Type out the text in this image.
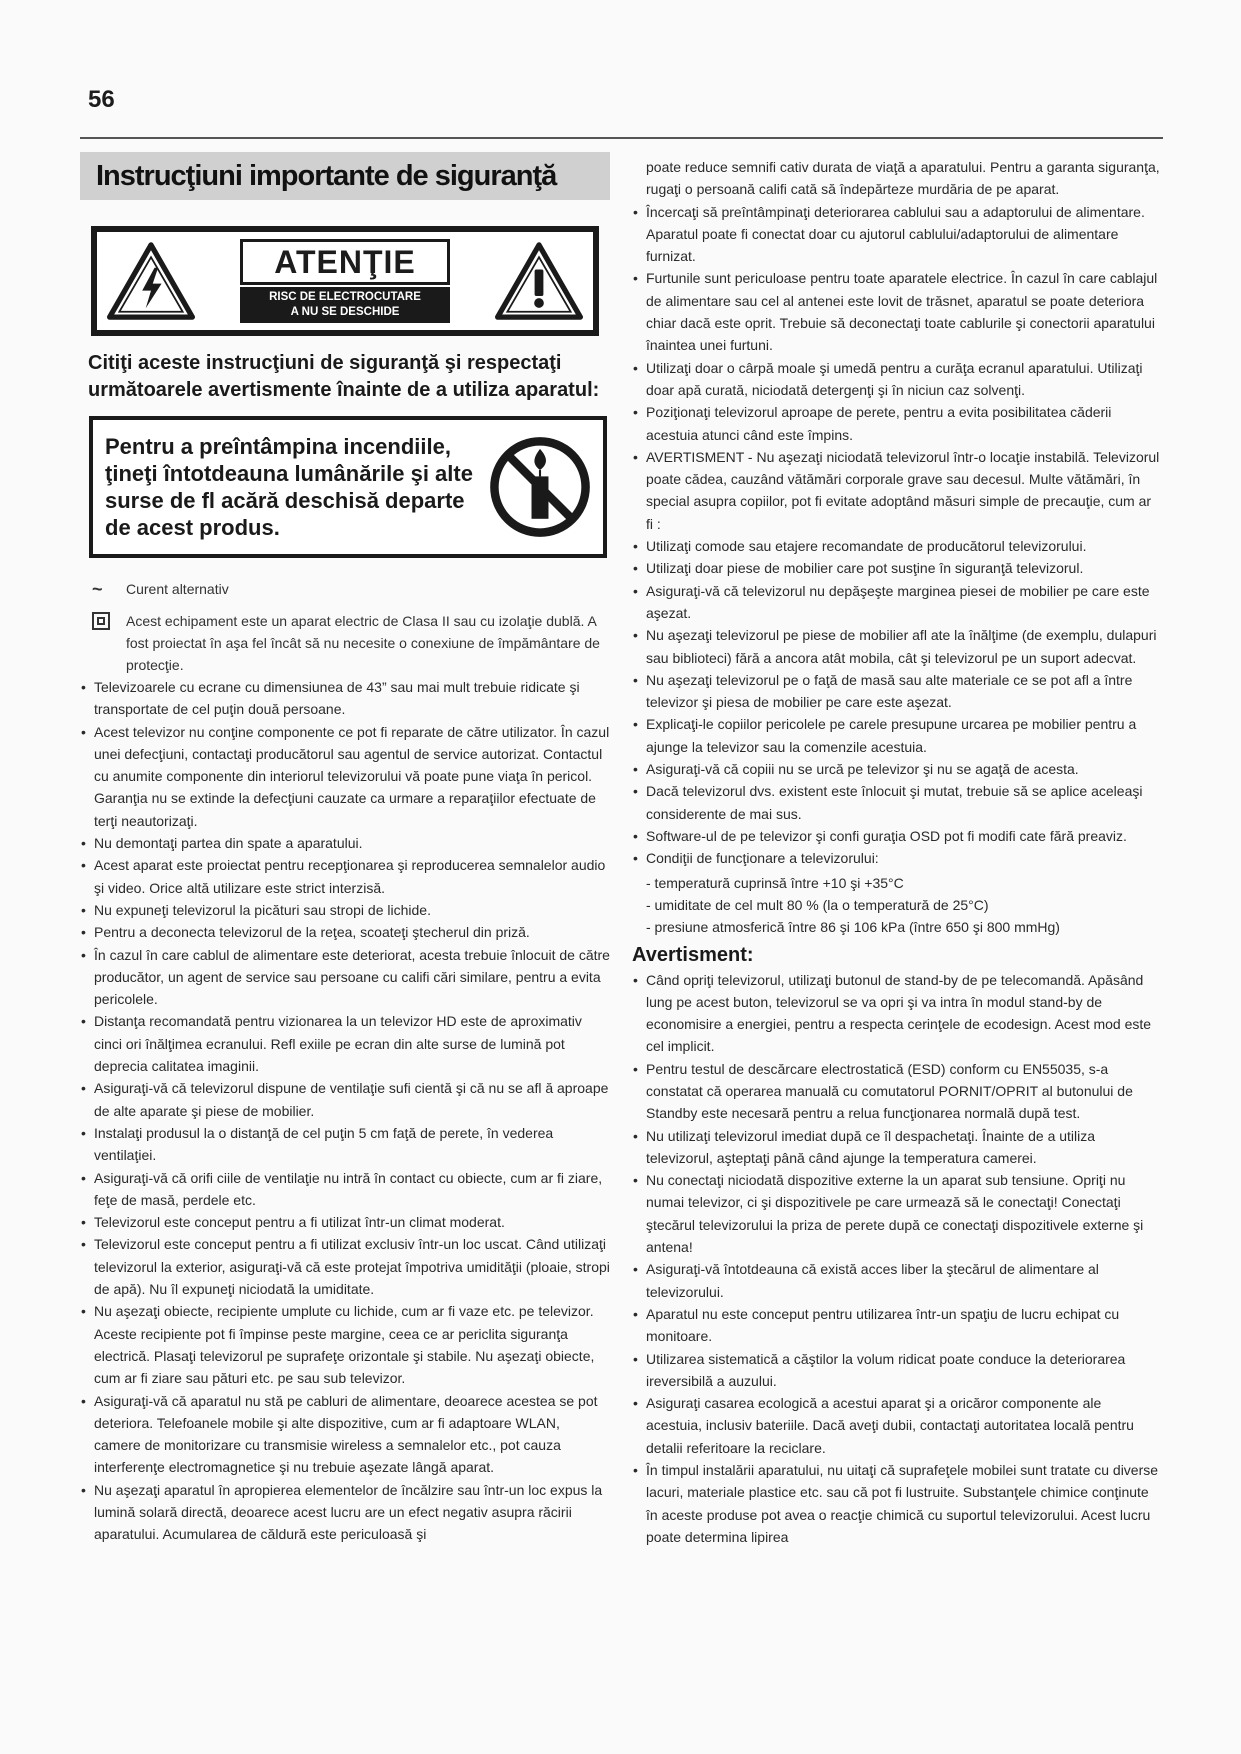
56
Instrucţiuni importante de siguranţă
ATENŢIE
RISC DE ELECTROCUTARE
A NU SE DESCHIDE
Citiţi aceste instrucţiuni de siguranţă şi respectaţi următoarele avertismente înainte de a utiliza aparatul:
Pentru a preîntâmpina incendiile, ţineţi întotdeauna lumânările şi alte surse de fl acără deschisă departe de acest produs.
~	Curent alternativ
Acest echipament este un aparat electric de Clasa II sau cu izolaţie dublă. A fost proiectat în aşa fel încât să nu necesite o conexiune de împământare de protecţie.
• Televizoarele cu ecrane cu dimensiunea de 43” sau mai mult trebuie ridicate şi transportate de cel puţin două persoane.
• Acest televizor nu conţine componente ce pot fi reparate de către utilizator. În cazul unei defecţiuni, contactaţi producătorul sau agentul de service autorizat. Contactul cu anumite componente din interiorul televizorului vă poate pune viaţa în pericol. Garanţia nu se extinde la defecţiuni cauzate ca urmare a reparaţiilor efectuate de terţi neautorizaţi.
• Nu demontaţi partea din spate a aparatului.
• Acest aparat este proiectat pentru recepţionarea şi reproducerea semnalelor audio şi video. Orice altă utilizare este strict interzisă.
• Nu expuneţi televizorul la picături sau stropi de lichide.
• Pentru a deconecta televizorul de la reţea, scoateţi ştecherul din priză.
• În cazul în care cablul de alimentare este deteriorat, acesta trebuie înlocuit de către producător, un agent de service sau persoane cu califi cări similare, pentru a evita pericolele.
• Distanţa recomandată pentru vizionarea la un televizor HD este de aproximativ cinci ori înălţimea ecranului. Refl exiile pe ecran din alte surse de lumină pot deprecia calitatea imaginii.
• Asiguraţi-vă că televizorul dispune de ventilaţie sufi cientă şi că nu se afl ă aproape de alte aparate şi piese de mobilier.
• Instalaţi produsul la o distanţă de cel puţin 5 cm faţă de perete, în vederea ventilaţiei.
• Asiguraţi-vă că orifi ciile de ventilaţie nu intră în contact cu obiecte, cum ar fi ziare, feţe de masă, perdele etc.
• Televizorul este conceput pentru a fi utilizat într-un climat moderat.
• Televizorul este conceput pentru a fi utilizat exclusiv într-un loc uscat. Când utilizaţi televizorul la exterior, asiguraţi-vă că este protejat împotriva umidităţii (ploaie, stropi de apă). Nu îl expuneţi niciodată la umiditate.
• Nu aşezaţi obiecte, recipiente umplute cu lichide, cum ar fi vaze etc. pe televizor. Aceste recipiente pot fi împinse peste margine, ceea ce ar periclita siguranţa electrică. Plasaţi televizorul pe suprafeţe orizontale şi stabile. Nu aşezaţi obiecte, cum ar fi ziare sau pături etc. pe sau sub televizor.
• Asiguraţi-vă că aparatul nu stă pe cabluri de alimentare, deoarece acestea se pot deteriora. Telefoanele mobile şi alte dispozitive, cum ar fi adaptoare WLAN, camere de monitorizare cu transmisie wireless a semnalelor etc., pot cauza interferenţe electromagnetice şi nu trebuie aşezate lângă aparat.
• Nu aşezaţi aparatul în apropierea elementelor de încălzire sau într-un loc expus la lumină solară directă, deoarece acest lucru are un efect negativ asupra răcirii aparatului. Acumularea de căldură este periculoasă şi
poate reduce semnifi cativ durata de viaţă a aparatului. Pentru a garanta siguranţa, rugaţi o persoană califi cată să îndepărteze murdăria de pe aparat.
• Încercaţi să preîntâmpinaţi deteriorarea cablului sau a adaptorului de alimentare. Aparatul poate fi conectat doar cu ajutorul cablului/adaptorului de alimentare furnizat.
• Furtunile sunt periculoase pentru toate aparatele electrice. În cazul în care cablajul de alimentare sau cel al antenei este lovit de trăsnet, aparatul se poate deteriora chiar dacă este oprit. Trebuie să deconectaţi toate cablurile şi conectorii aparatului înaintea unei furtuni.
• Utilizaţi doar o cârpă moale şi umedă pentru a curăţa ecranul aparatului. Utilizaţi doar apă curată, niciodată detergenţi şi în niciun caz solvenţi.
• Poziţionaţi televizorul aproape de perete, pentru a evita posibilitatea căderii acestuia atunci când este împins.
• AVERTISMENT - Nu aşezaţi niciodată televizorul într-o locaţie instabilă. Televizorul poate cădea, cauzând vătămări corporale grave sau decesul. Multe vătămări, în special asupra copiilor, pot fi evitate adoptând măsuri simple de precauţie, cum ar fi :
• Utilizaţi comode sau etajere recomandate de producătorul televizorului.
• Utilizaţi doar piese de mobilier care pot susţine în siguranţă televizorul.
• Asiguraţi-vă că televizorul nu depăşeşte marginea piesei de mobilier pe care este aşezat.
• Nu aşezaţi televizorul pe piese de mobilier afl ate la înălţime (de exemplu, dulapuri sau biblioteci) fără a ancora atât mobila, cât şi televizorul pe un suport adecvat.
• Nu aşezaţi televizorul pe o faţă de masă sau alte materiale ce se pot afl a între televizor şi piesa de mobilier pe care este aşezat.
• Explicaţi-le copiilor pericolele pe carele presupune urcarea pe mobilier pentru a ajunge la televizor sau la comenzile acestuia.
• Asiguraţi-vă că copiii nu se urcă pe televizor şi nu se agaţă de acesta.
• Dacă televizorul dvs. existent este înlocuit şi mutat, trebuie să se aplice aceleaşi considerente de mai sus.
• Software-ul de pe televizor şi confi guraţia OSD pot fi modifi cate fără preaviz.
• Condiţii de funcţionare a televizorului:
- temperatură cuprinsă între +10 şi +35°C
- umiditate de cel mult 80 % (la o temperatură de 25°C)
- presiune atmosferică între 86 şi 106 kPa (între 650 şi 800 mmHg)
Avertisment:
• Când opriţi televizorul, utilizaţi butonul de stand-by de pe telecomandă. Apăsând lung pe acest buton, televizorul se va opri şi va intra în modul stand-by de economisire a energiei, pentru a respecta cerinţele de ecodesign. Acest mod este cel implicit.
• Pentru testul de descărcare electrostatică (ESD) conform cu EN55035, s-a constatat că operarea manuală cu comutatorul PORNIT/OPRIT al butonului de Standby este necesară pentru a relua funcţionarea normală după test.
• Nu utilizaţi televizorul imediat după ce îl despachetaţi. Înainte de a utiliza televizorul, aşteptaţi până când ajunge la temperatura camerei.
• Nu conectaţi niciodată dispozitive externe la un aparat sub tensiune. Opriţi nu numai televizor, ci şi dispozitivele pe care urmează să le conectaţi! Conectaţi ştecărul televizorului la priza de perete după ce conectaţi dispozitivele externe şi antena!
• Asiguraţi-vă întotdeauna că există acces liber la ştecărul de alimentare al televizorului.
• Aparatul nu este conceput pentru utilizarea într-un spaţiu de lucru echipat cu monitoare.
• Utilizarea sistematică a căştilor la volum ridicat poate conduce la deteriorarea ireversibilă a auzului.
• Asiguraţi casarea ecologică a acestui aparat şi a oricăror componente ale acestuia, inclusiv bateriile. Dacă aveţi dubii, contactaţi autoritatea locală pentru detalii referitoare la reciclare.
• În timpul instalării aparatului, nu uitaţi că suprafeţele mobilei sunt tratate cu diverse lacuri, materiale plastice etc. sau că pot fi lustruite. Substanţele chimice conţinute în aceste produse pot avea o reacţie chimică cu suportul televizorului. Acest lucru poate determina lipirea
